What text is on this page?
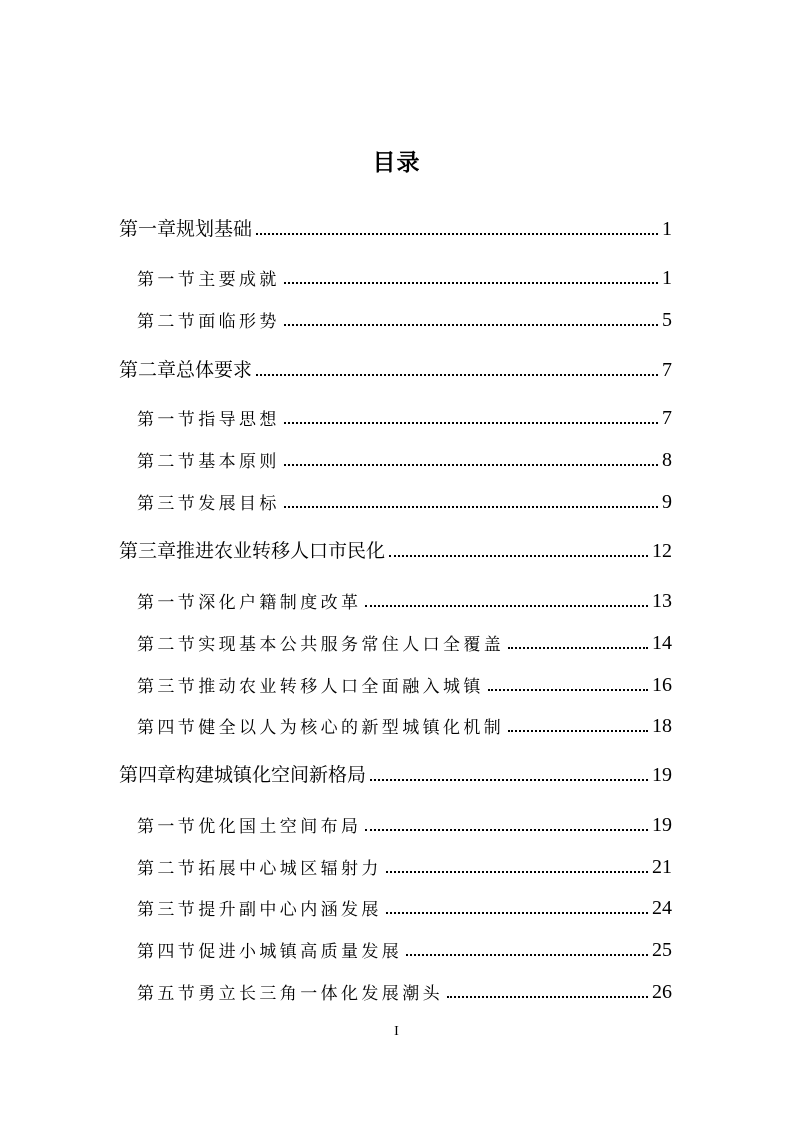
目录
第一章规划基础	1
第一节主要成就	1
第二节面临形势	5
第二章总体要求	7
第一节指导思想	7
第二节基本原则	8
第三节发展目标	9
第三章推进农业转移人口市民化	12
第一节深化户籍制度改革	13
第二节实现基本公共服务常住人口全覆盖	14
第三节推动农业转移人口全面融入城镇	16
第四节健全以人为核心的新型城镇化机制	18
第四章构建城镇化空间新格局	19
第一节优化国土空间布局	19
第二节拓展中心城区辐射力	21
第三节提升副中心内涵发展	24
第四节促进小城镇高质量发展	25
第五节勇立长三角一体化发展潮头	26
I
